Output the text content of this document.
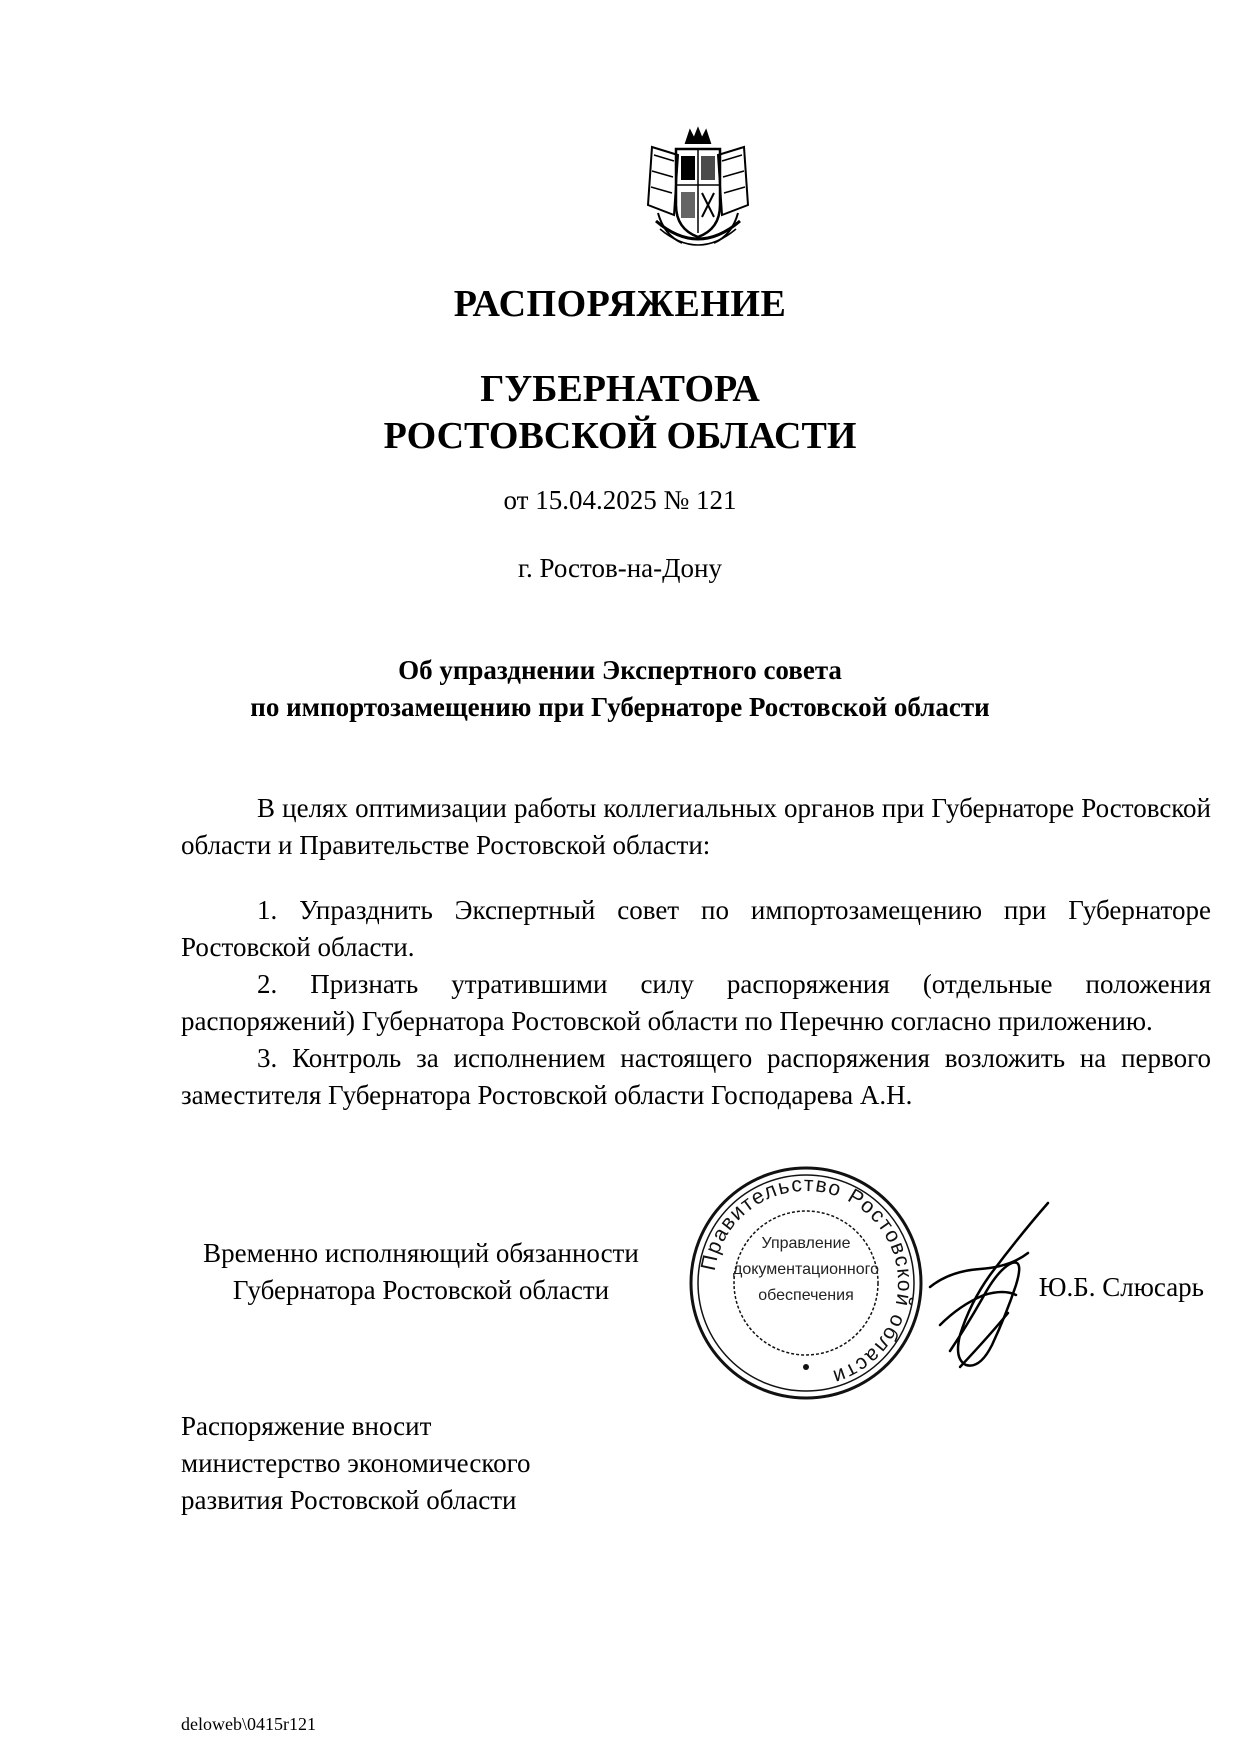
РАСПОРЯЖЕНИЕ
ГУБЕРНАТОРА
РОСТОВСКОЙ ОБЛАСТИ
от 15.04.2025 № 121
г. Ростов-на-Дону
Об упразднении Экспертного совета
по импортозамещению при Губернаторе Ростовской области
В целях оптимизации работы коллегиальных органов при Губернаторе Ростовской области и Правительстве Ростовской области:

1. Упразднить Экспертный совет по импортозамещению при Губернаторе Ростовской области.

2. Признать утратившими силу распоряжения (отдельные положения распоряжений) Губернатора Ростовской области по Перечню согласно приложению.

3. Контроль за исполнением настоящего распоряжения возложить на первого заместителя Губернатора Ростовской области Господарева А.Н.

Временно исполняющий обязанности
Губернатора Ростовской области
Правительство Ростовской области
Управление
документационного
обеспечения	Ю.Б. Слюсарь
Распоряжение вносит
министерство экономического
развития Ростовской области
deloweb\0415r121
